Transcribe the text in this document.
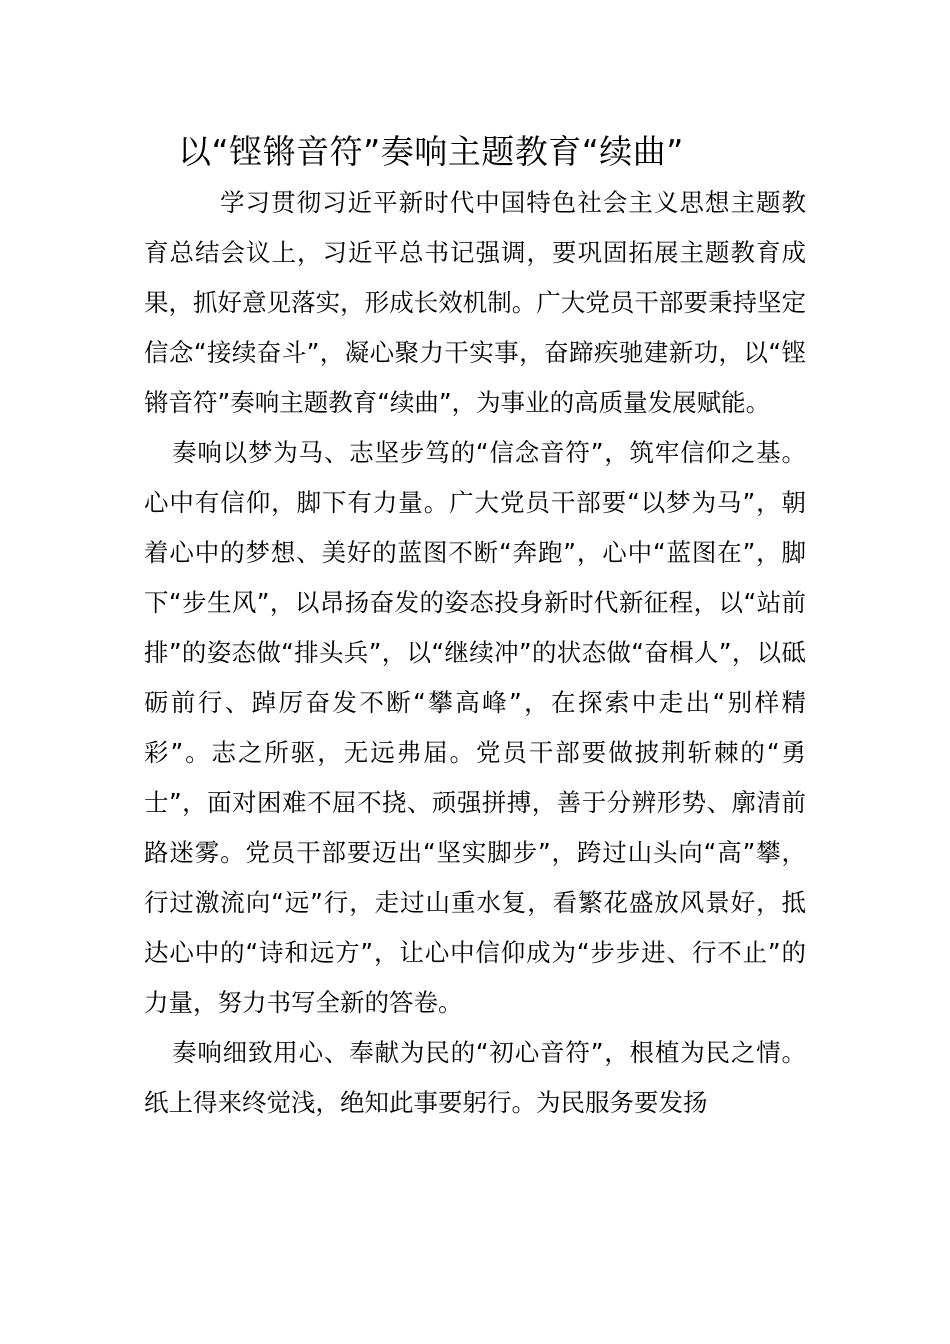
以“铿锵音符”奏响主题教育“续曲”

学习贯彻习近平新时代中国特色社会主义思想主题教育总结会议上，习近平总书记强调，要巩固拓展主题教育成果，抓好意见落实，形成长效机制。广大党员干部要秉持坚定信念“接续奋斗”，凝心聚力干实事，奋蹄疾驰建新功，以“铿锵音符”奏响主题教育“续曲”，为事业的高质量发展赋能。

奏响以梦为马、志坚步笃的“信念音符”，筑牢信仰之基。心中有信仰，脚下有力量。广大党员干部要“以梦为马”，朝着心中的梦想、美好的蓝图不断“奔跑”，心中“蓝图在”，脚下“步生风”，以昂扬奋发的姿态投身新时代新征程，以“站前排”的姿态做“排头兵”，以“继续冲”的状态做“奋楫人”，以砥砺前行、踔厉奋发不断“攀高峰”，在探索中走出“别样精彩”。志之所驱，无远弗届。党员干部要做披荆斩棘的“勇士”，面对困难不屈不挠、顽强拼搏，善于分辨形势、廓清前路迷雾。党员干部要迈出“坚实脚步”，跨过山头向“高”攀，行过激流向“远”行，走过山重水复，看繁花盛放风景好，抵达心中的“诗和远方”，让心中信仰成为“步步进、行不止”的力量，努力书写全新的答卷。

奏响细致用心、奉献为民的“初心音符”，根植为民之情。纸上得来终觉浅，绝知此事要躬行。为民服务要发扬
